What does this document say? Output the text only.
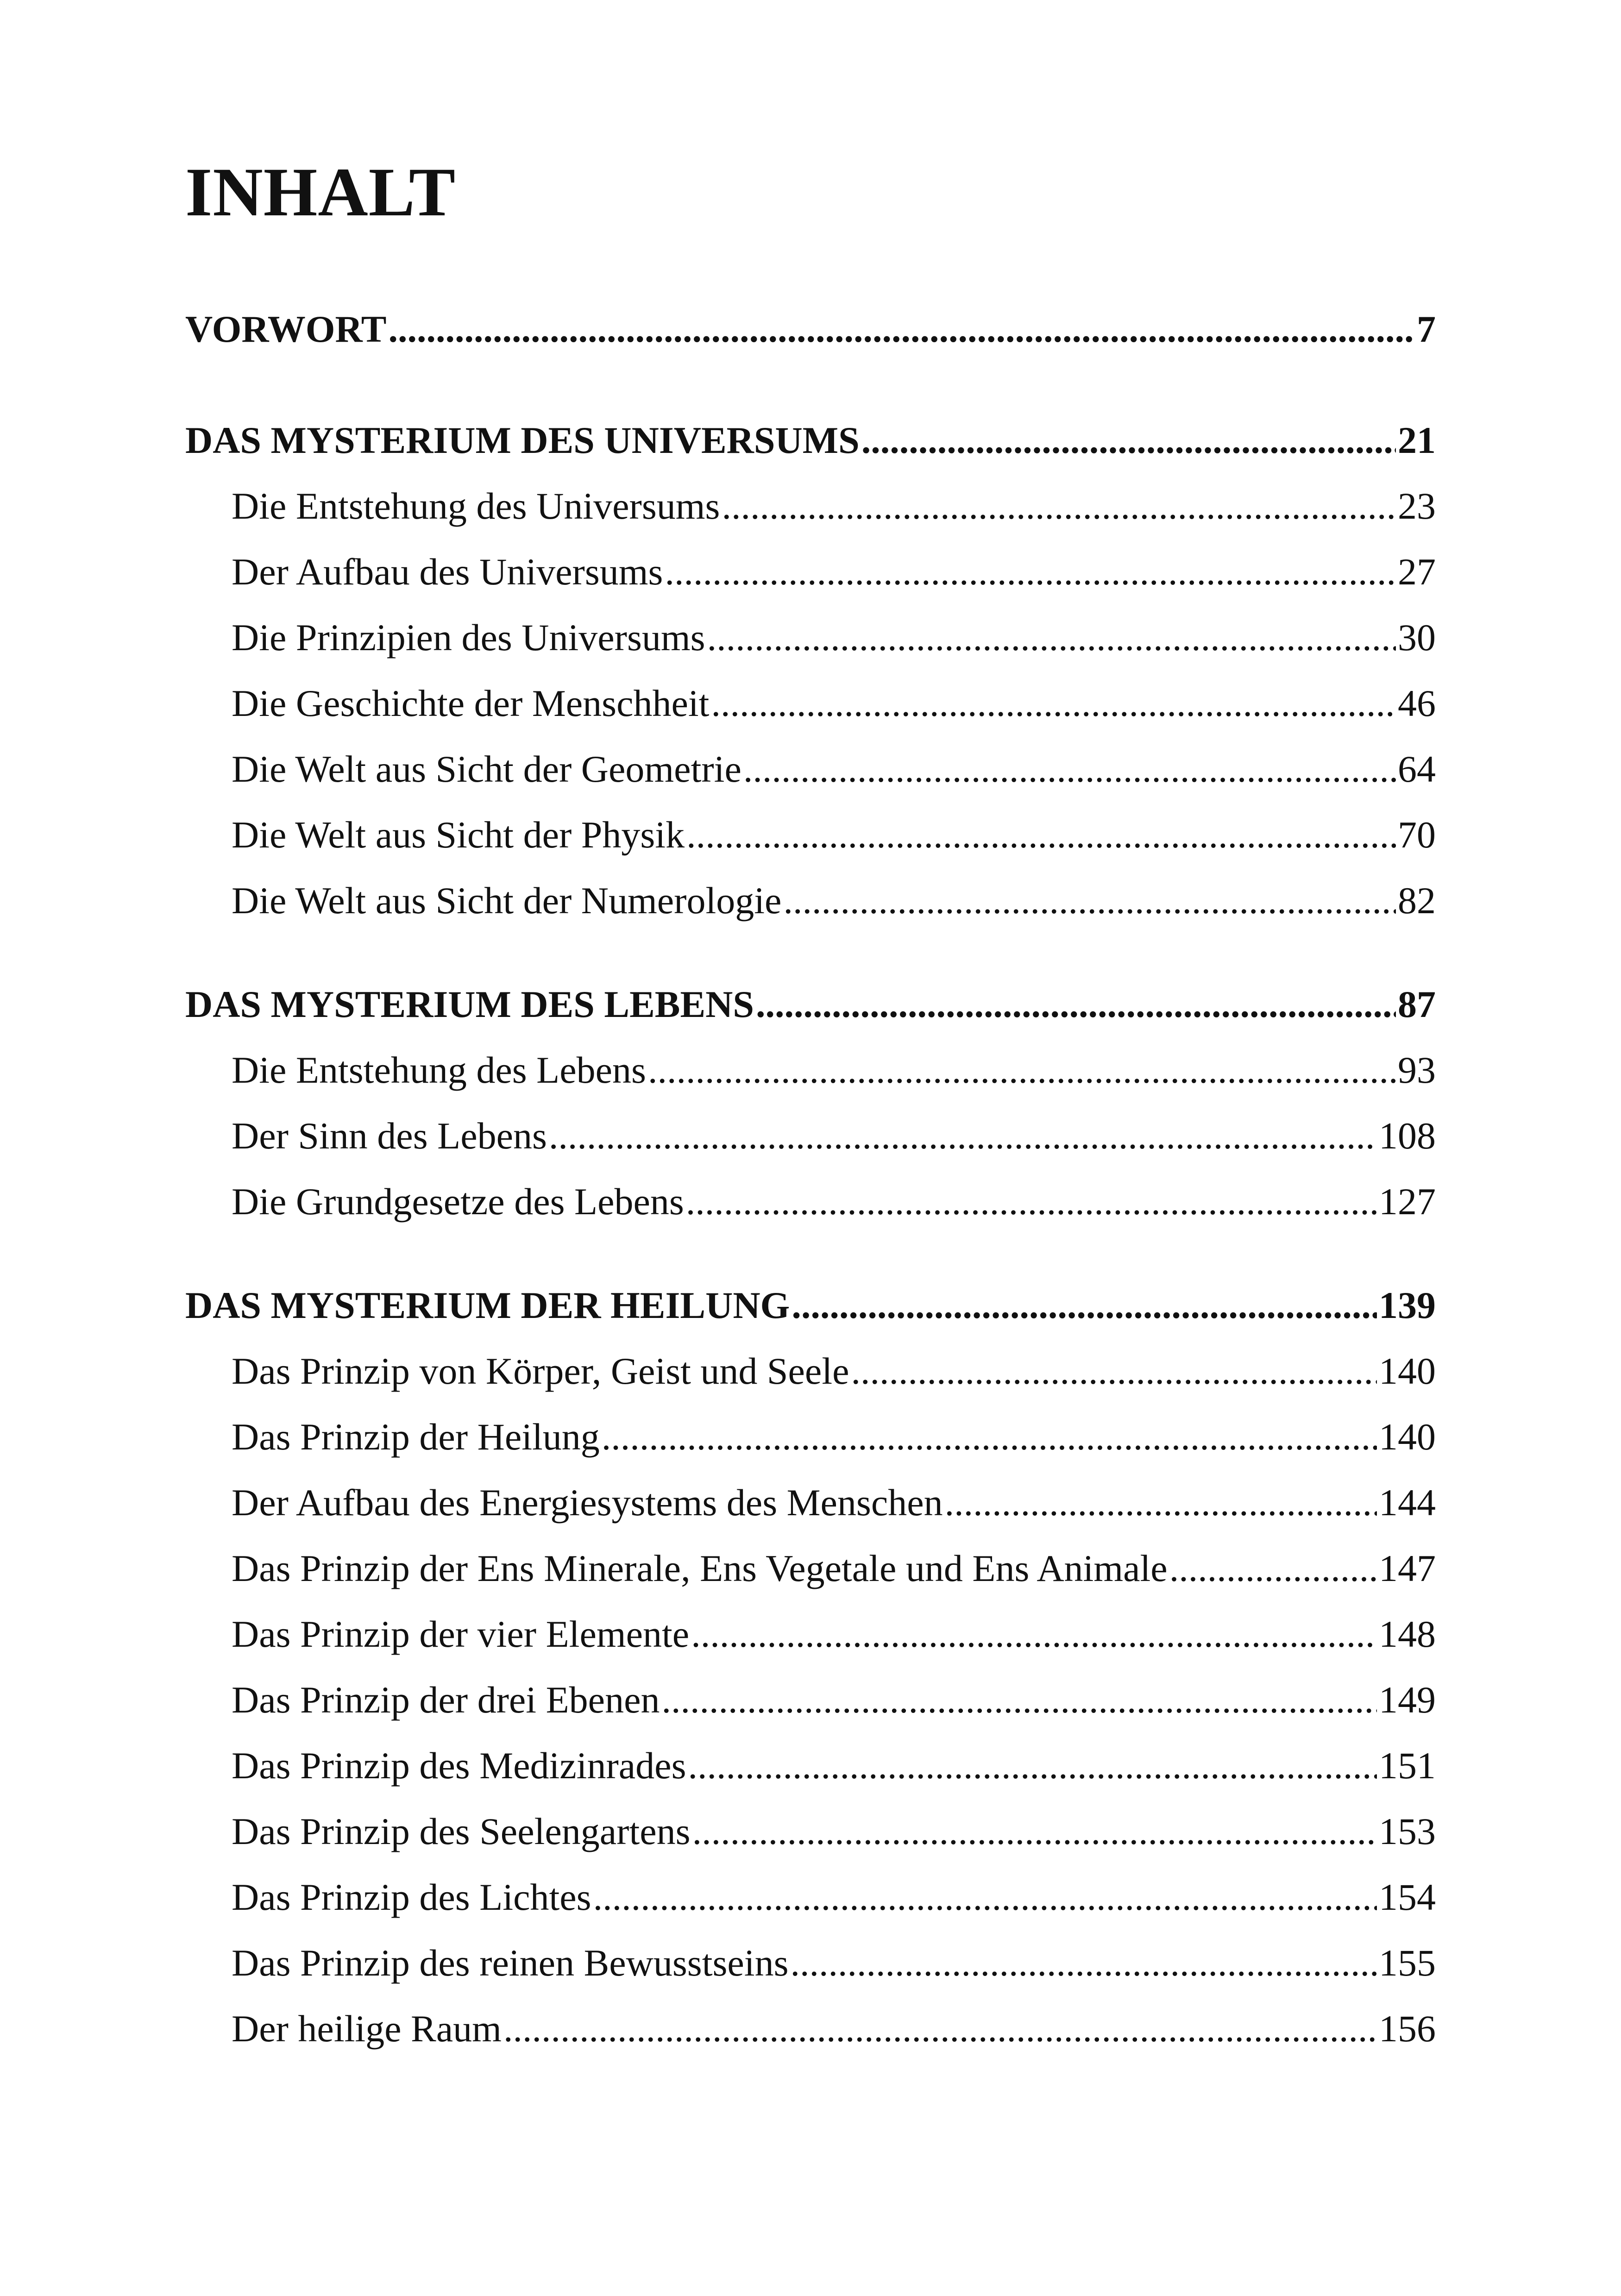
INHALT
VORWORT .....	7
DAS MYSTERIUM DES UNIVERSUMS .....	21
Die Entstehung des Universums .....	23
Der Aufbau des Universums .....	27
Die Prinzipien des Universums .....	30
Die Geschichte der Menschheit .....	46
Die Welt aus Sicht der Geometrie .....	64
Die Welt aus Sicht der Physik .....	70
Die Welt aus Sicht der Numerologie .....	82
DAS MYSTERIUM DES LEBENS .....	87
Die Entstehung des Lebens .....	93
Der Sinn des Lebens .....	108
Die Grundgesetze des Lebens .....	127
DAS MYSTERIUM DER HEILUNG .....	139
Das Prinzip von Körper, Geist und Seele .....	140
Das Prinzip der Heilung .....	140
Der Aufbau des Energiesystems des Menschen .....	144
Das Prinzip der Ens Minerale, Ens Vegetale und Ens Animale .....	147
Das Prinzip der vier Elemente .....	148
Das Prinzip der drei Ebenen .....	149
Das Prinzip des Medizinrades .....	151
Das Prinzip des Seelengartens .....	153
Das Prinzip des Lichtes .....	154
Das Prinzip des reinen Bewusstseins .....	155
Der heilige Raum .....	156
